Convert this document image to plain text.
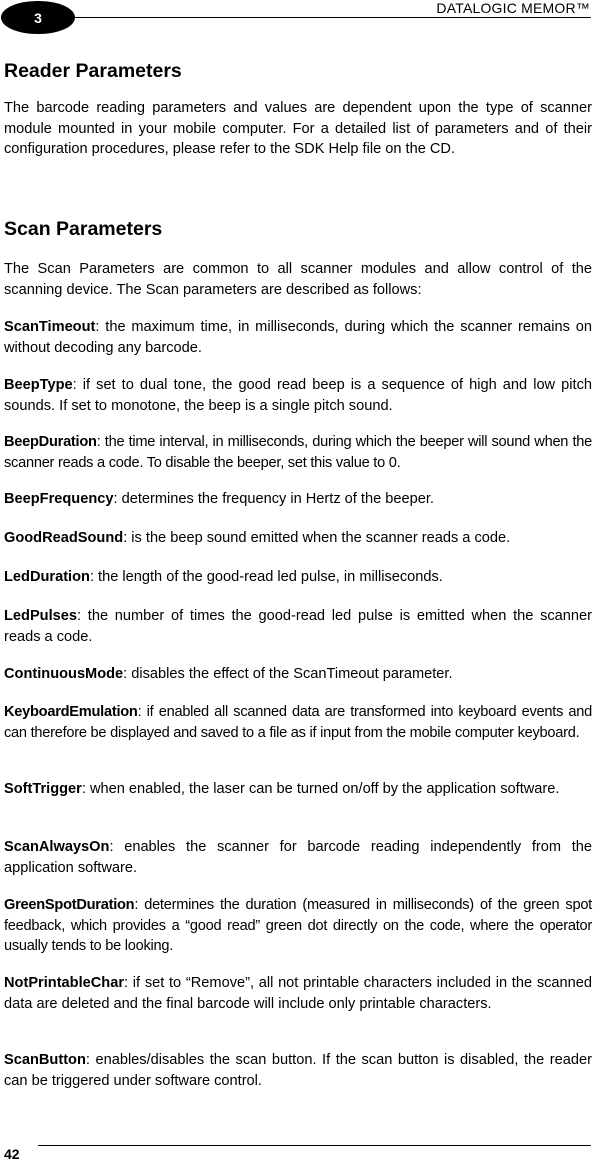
3
DATALOGIC MEMOR™
Reader Parameters

The barcode reading parameters and values are dependent upon the type of scanner module mounted in your mobile computer. For a detailed list of parameters and of their configuration procedures, please refer to the SDK Help file on the CD.

Scan Parameters

The Scan Parameters are common to all scanner modules and allow control of the scanning device. The Scan parameters are described as follows:

ScanTimeout: the maximum time, in milliseconds, during which the scanner remains on without decoding any barcode.

BeepType: if set to dual tone, the good read beep is a sequence of high and low pitch sounds. If set to monotone, the beep is a single pitch sound.

BeepDuration: the time interval, in milliseconds, during which the beeper will sound when the scanner reads a code. To disable the beeper, set this value to 0.

BeepFrequency: determines the frequency in Hertz of the beeper.

GoodReadSound: is the beep sound emitted when the scanner reads a code.

LedDuration: the length of the good-read led pulse, in milliseconds.

LedPulses: the number of times the good-read led pulse is emitted when the scanner reads a code.

ContinuousMode: disables the effect of the ScanTimeout parameter.

KeyboardEmulation: if enabled all scanned data are transformed into keyboard events and can therefore be displayed and saved to a file as if input from the mobile computer keyboard.

SoftTrigger: when enabled, the laser can be turned on/off by the application software.

ScanAlwaysOn: enables the scanner for barcode reading independently from the application software.

GreenSpotDuration: determines the duration (measured in milliseconds) of the green spot feedback, which provides a “good read” green dot directly on the code, where the operator usually tends to be looking.

NotPrintableChar: if set to “Remove”, all not printable characters included in the scanned data are deleted and the final barcode will include only printable characters.

ScanButton: enables/disables the scan button. If the scan button is disabled, the reader can be triggered under software control.

42
